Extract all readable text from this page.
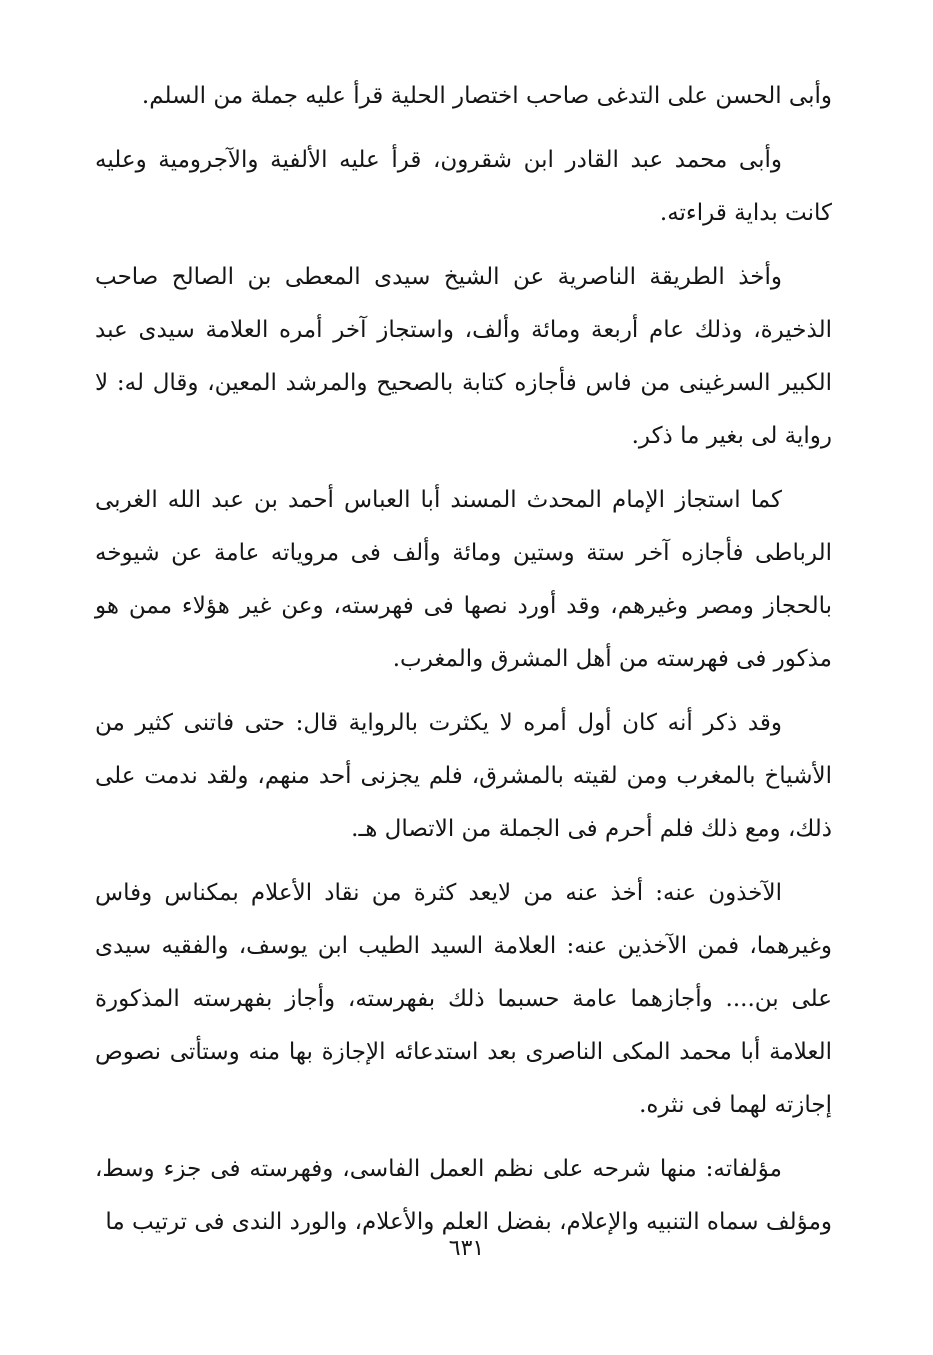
وأبى الحسن على التدغى صاحب اختصار الحلية قرأ عليه جملة من السلم.

وأبى محمد عبد القادر ابن شقرون، قرأ عليه الألفية والآجرومية وعليه كانت بداية قراءته.

وأخذ الطريقة الناصرية عن الشيخ سيدى المعطى بن الصالح صاحب الذخيرة، وذلك عام أربعة ومائة وألف، واستجاز آخر أمره العلامة سيدى عبد الكبير السرغينى من فاس فأجازه كتابة بالصحيح والمرشد المعين، وقال له: لا رواية لى بغير ما ذكر.

كما استجاز الإمام المحدث المسند أبا العباس أحمد بن عبد الله الغربى الرباطى فأجازه آخر ستة وستين ومائة وألف فى مروياته عامة عن شيوخه بالحجاز ومصر وغيرهم، وقد أورد نصها فى فهرسته، وعن غير هؤلاء ممن هو مذكور فى فهرسته من أهل المشرق والمغرب.

وقد ذكر أنه كان أول أمره لا يكثرت بالرواية قال: حتى فاتنى كثير من الأشياخ بالمغرب ومن لقيته بالمشرق، فلم يجزنى أحد منهم، ولقد ندمت على ذلك، ومع ذلك فلم أحرم فى الجملة من الاتصال هـ.

الآخذون عنه: أخذ عنه من لايعد كثرة من نقاد الأعلام بمكناس وفاس وغيرهما، فمن الآخذين عنه: العلامة السيد الطيب ابن يوسف، والفقيه سيدى على بن.... وأجازهما عامة حسبما ذلك بفهرسته، وأجاز بفهرسته المذكورة العلامة أبا محمد المكى الناصرى بعد استدعائه الإجازة بها منه وستأتى نصوص إجازته لهما فى نثره.

مؤلفاته: منها شرحه على نظم العمل الفاسى، وفهرسته فى جزء وسط، ومؤلف سماه التنبيه والإعلام، بفضل العلم والأعلام، والورد الندى فى ترتيب ما

٦٣١
